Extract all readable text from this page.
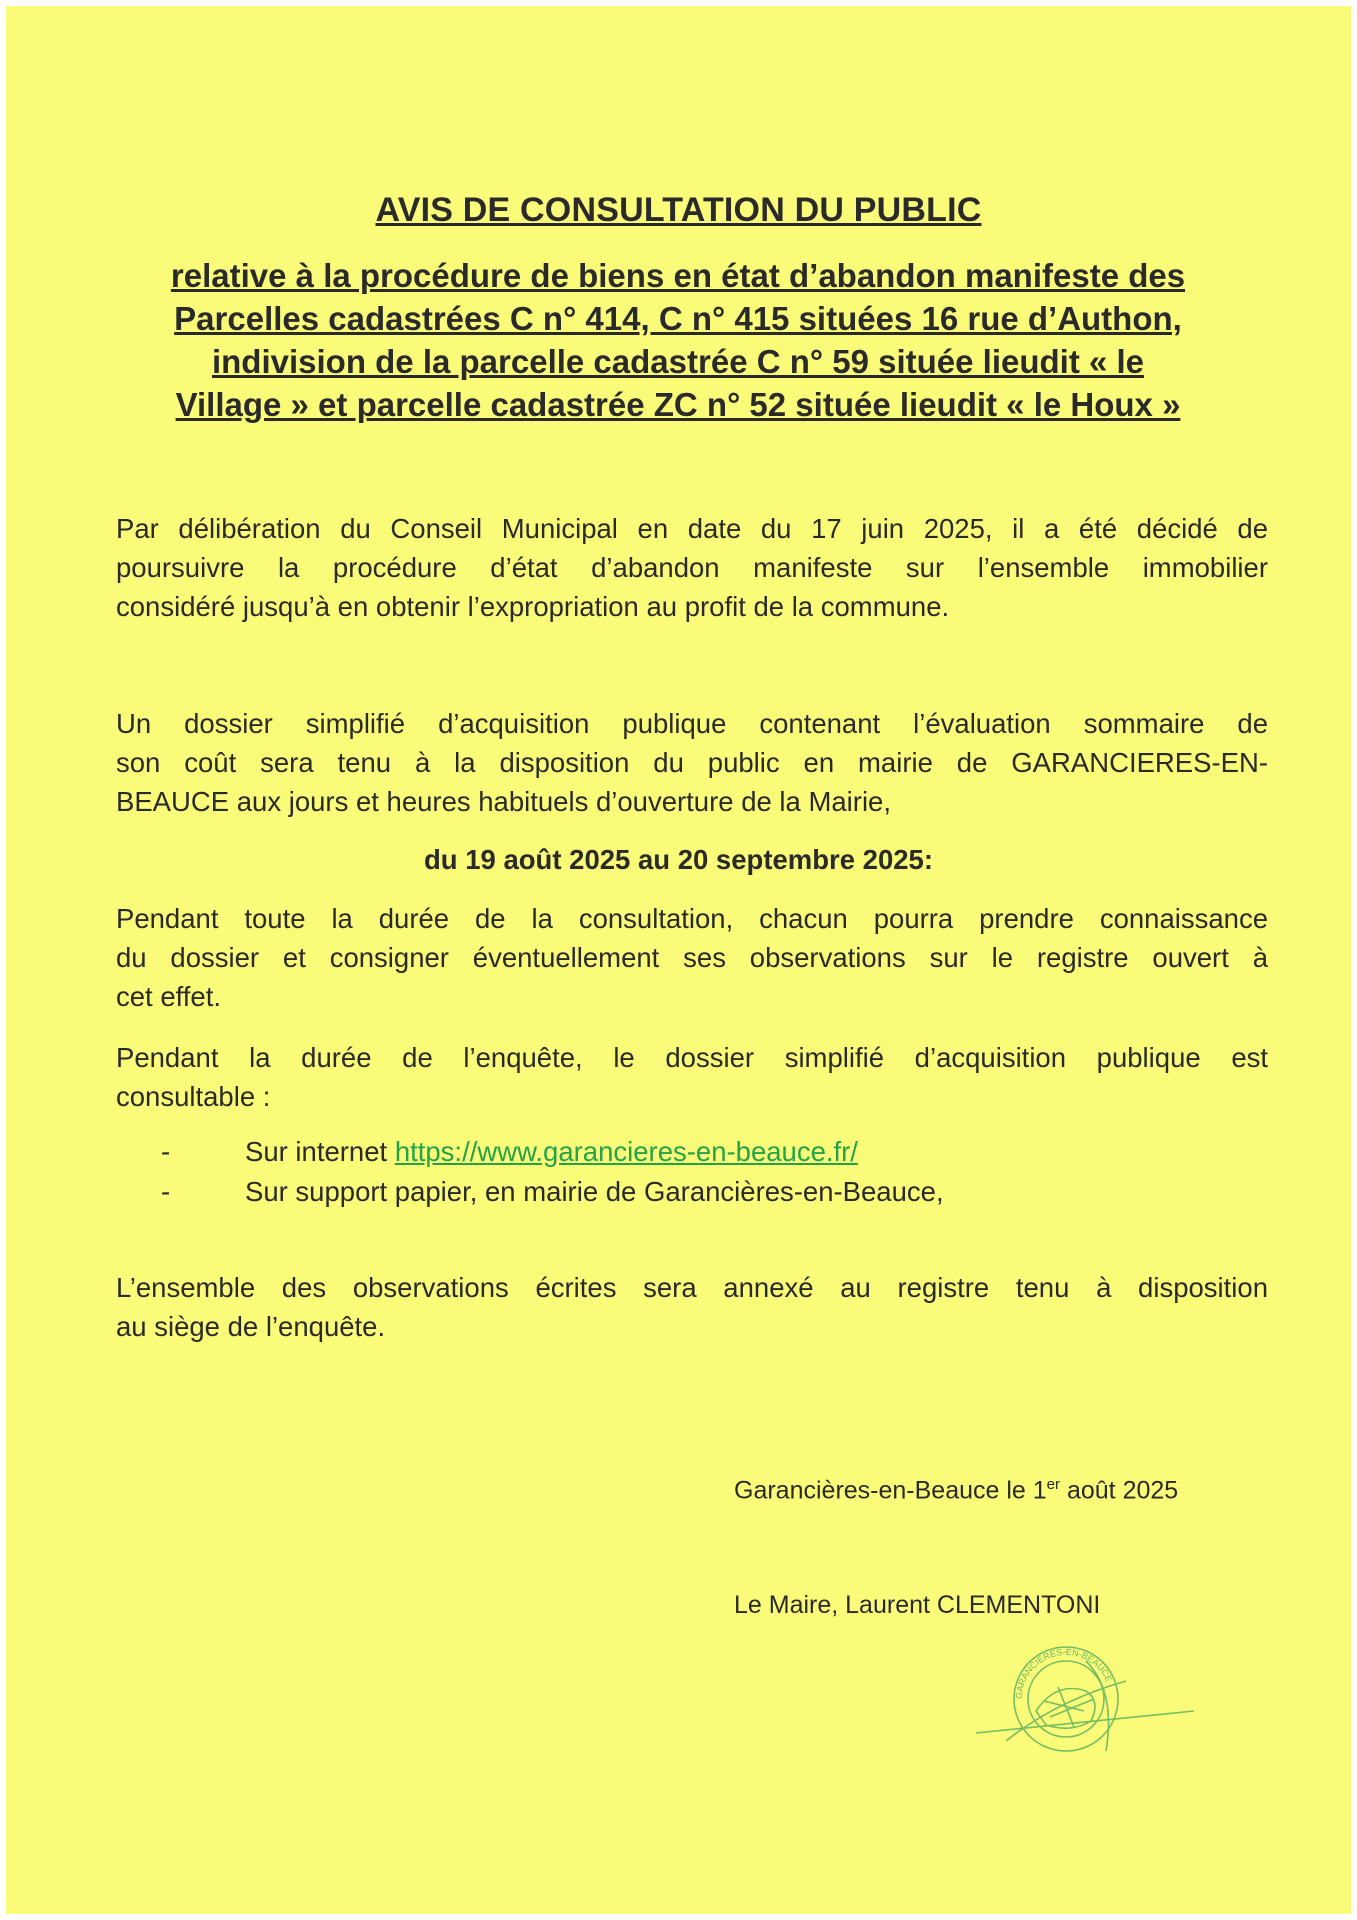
AVIS DE CONSULTATION DU PUBLIC
relative à la procédure de biens en état d’abandon manifeste des
Parcelles cadastrées C n° 414, C n° 415 situées 16 rue d’Authon,
indivision de la parcelle cadastrée C n° 59 située lieudit « le
Village » et parcelle cadastrée ZC n° 52 située lieudit « le Houx »
Par délibération du Conseil Municipal en date du 17 juin 2025, il a été décidé de
poursuivre la procédure d’état d’abandon manifeste sur l’ensemble immobilier
considéré jusqu’à en obtenir l’expropriation au profit de la commune.
Un dossier simplifié d’acquisition publique contenant l’évaluation sommaire de
son coût sera tenu à la disposition du public en mairie de GARANCIERES-EN-
BEAUCE aux jours et heures habituels d’ouverture de la Mairie,
du 19 août 2025 au 20 septembre 2025:
Pendant toute la durée de la consultation, chacun pourra prendre connaissance
du dossier et consigner éventuellement ses observations sur le registre ouvert à
cet effet.
Pendant la durée de l’enquête, le dossier simplifié d’acquisition publique est
consultable :
-	Sur internet https://www.garancieres-en-beauce.fr/
-	Sur support papier, en mairie de Garancières-en-Beauce,
L’ensemble des observations écrites sera annexé au registre tenu à disposition
au siège de l’enquête.
Garancières-en-Beauce le 1er août 2025
Le Maire, Laurent CLEMENTONI
GARANCIÈRES-EN-BEAUCE
